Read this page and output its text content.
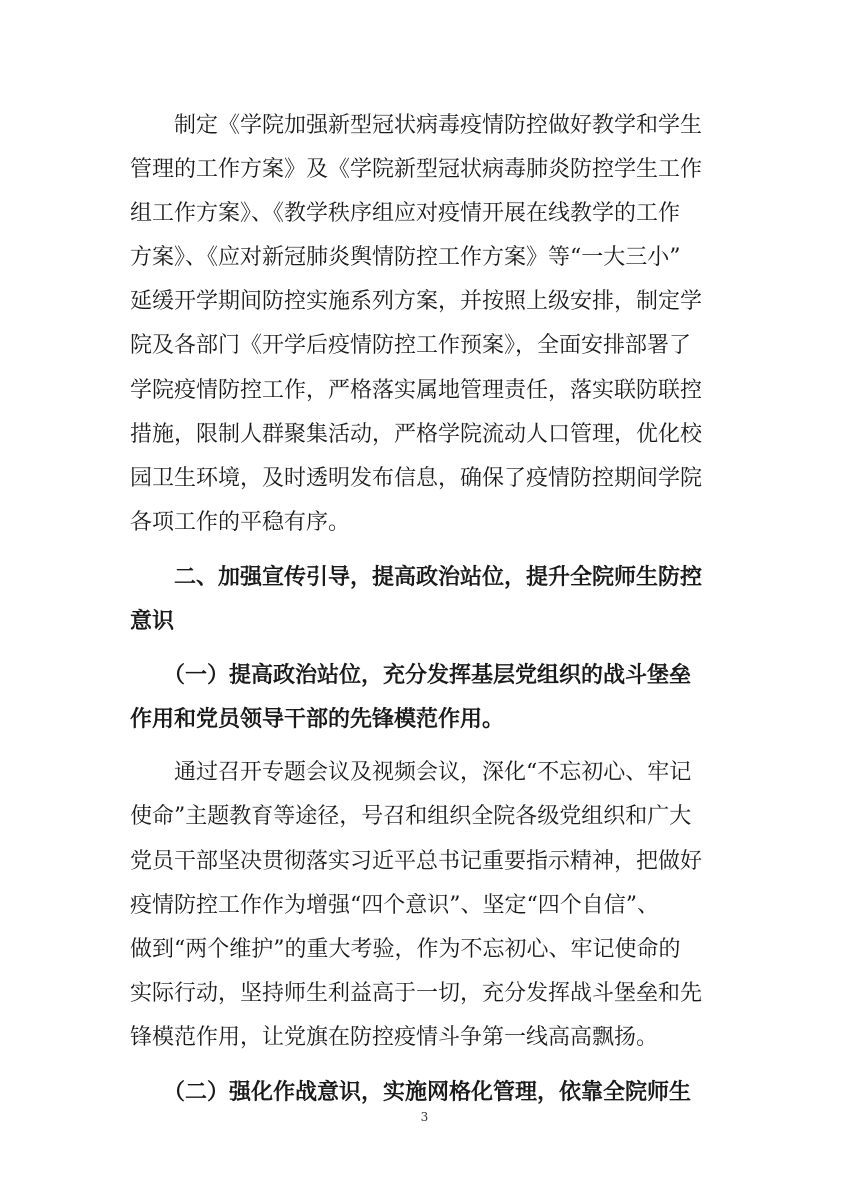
　　制定《学院加强新型冠状病毒疫情防控做好教学和学生
管理的工作方案》及《学院新型冠状病毒肺炎防控学生工作
组工作方案》、《教学秩序组应对疫情开展在线教学的工作
方案》、《应对新冠肺炎舆情防控工作方案》等“一大三小”
延缓开学期间防控实施系列方案，并按照上级安排，制定学
院及各部门《开学后疫情防控工作预案》，全面安排部署了
学院疫情防控工作，严格落实属地管理责任，落实联防联控
措施，限制人群聚集活动，严格学院流动人口管理，优化校
园卫生环境，及时透明发布信息，确保了疫情防控期间学院
各项工作的平稳有序。
　　二、加强宣传引导，提高政治站位，提升全院师生防控
意识
　　（一）提高政治站位，充分发挥基层党组织的战斗堡垒
作用和党员领导干部的先锋模范作用。
　　通过召开专题会议及视频会议，深化“不忘初心、牢记
使命”主题教育等途径，号召和组织全院各级党组织和广大
党员干部坚决贯彻落实习近平总书记重要指示精神，把做好
疫情防控工作作为增强“四个意识”、坚定“四个自信”、
做到“两个维护”的重大考验，作为不忘初心、牢记使命的
实际行动，坚持师生利益高于一切，充分发挥战斗堡垒和先
锋模范作用，让党旗在防控疫情斗争第一线高高飘扬。
　　（二）强化作战意识，实施网格化管理，依靠全院师生
3
